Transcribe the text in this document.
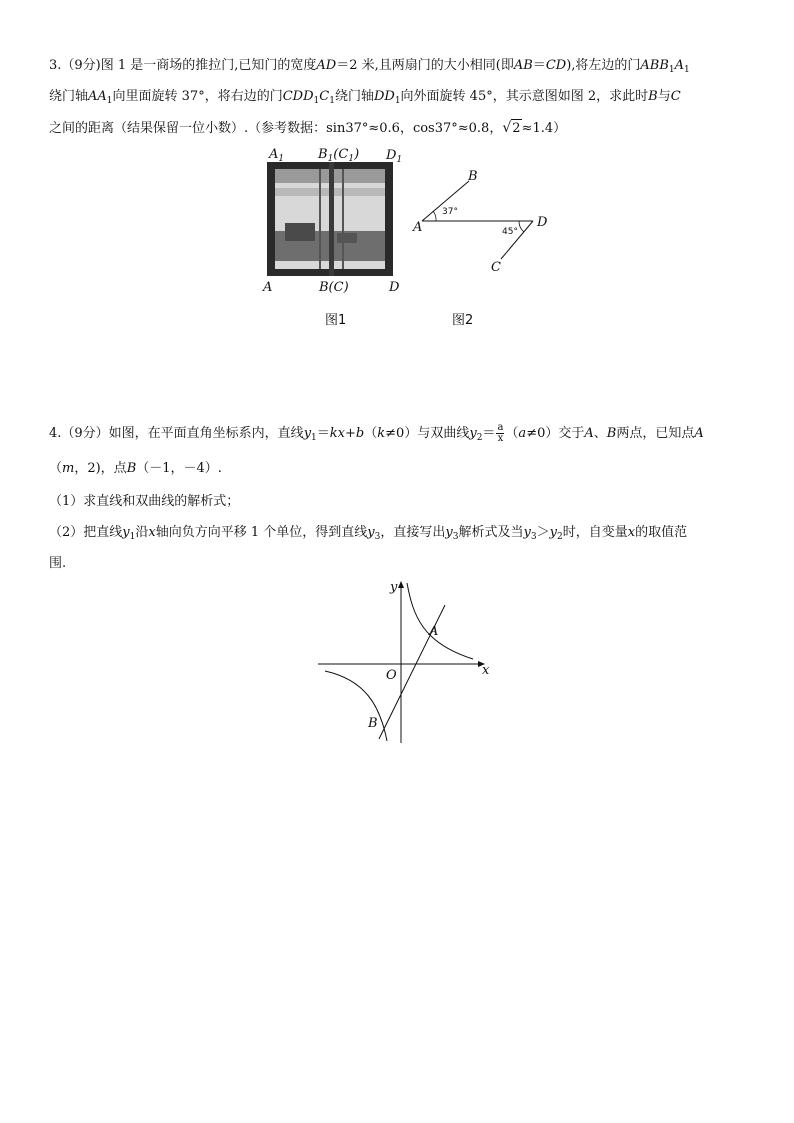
3.（9分)图 1 是一商场的推拉门,已知门的宽度AD＝2 米,且两扇门的大小相同(即AB＝CD),将左边的门$ABB_1A_1$
绕门轴$AA_1$向里面旋转 37°，将右边的门$CDD_1C_1$绕门轴$DD_1$向外面旋转 45°，其示意图如图 2，求此时B与C
之间的距离（结果保留一位小数）.（参考数据：sin37°≈0.6，cos37°≈0.8，√2≈1.4）
$A_1$	$B_1(C_1)$ $D_1$
A	B(C)	D
图1
37°
45°
A
B
D
C
图2
4.（9分）如图，在平面直角坐标系内，直线$y_1=kx+b(k\ne 0)$与双曲线$y_2= \frac{a}{x} (a\ne 0)$交于A、B两点，已知点A
（m，2)，点B（－1，－4）.
（1）求直线和双曲线的解析式；
（2）把直线$y_1$沿x轴向负方向平移 1 个单位，得到直线$y_3$，直接写出$y_3$解析式及当$y_3>y_2$时，自变量x的取值范
围.
y
x
O
A
B
